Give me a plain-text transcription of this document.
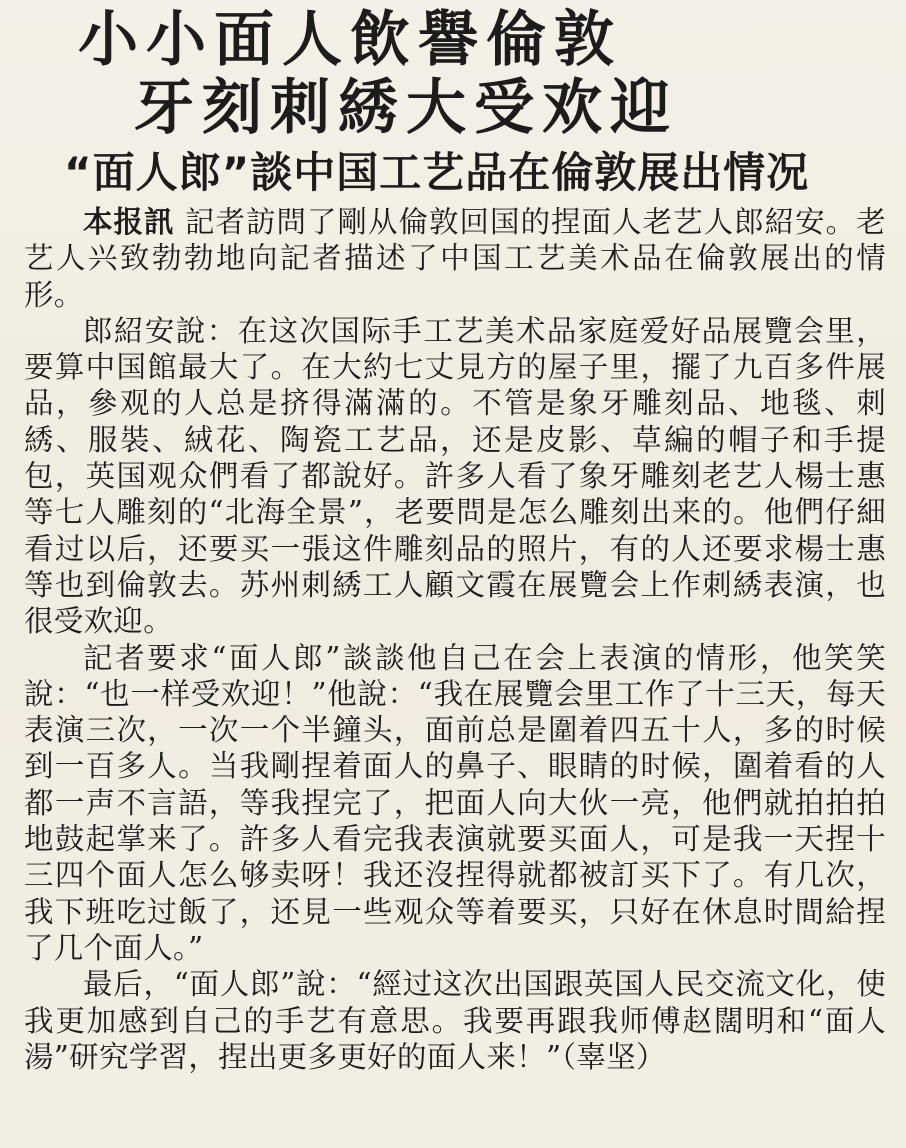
小小面人飲譽倫敦
牙刻刺綉大受欢迎
“面人郎”談中国工艺品在倫敦展出情况

本报訊 記者訪問了剛从倫敦回国的捏面人老艺人郎紹安。老艺人兴致勃勃地向記者描述了中国工艺美术品在倫敦展出的情形。

郎紹安說：在这次国际手工艺美术品家庭爱好品展覽会里，要算中国館最大了。在大約七丈見方的屋子里，擺了九百多件展品，參观的人总是挤得滿滿的。不管是象牙雕刻品、地毯、刺綉、服裝、絨花、陶瓷工艺品，还是皮影、草編的帽子和手提包，英国观众們看了都說好。許多人看了象牙雕刻老艺人楊士惠等七人雕刻的“北海全景”，老要問是怎么雕刻出来的。他們仔細看过以后，还要买一張这件雕刻品的照片，有的人还要求楊士惠等也到倫敦去。苏州刺綉工人顧文霞在展覽会上作刺綉表演，也很受欢迎。

記者要求“面人郎”談談他自己在会上表演的情形，他笑笑說：“也一样受欢迎！”他說：“我在展覽会里工作了十三天，每天表演三次，一次一个半鐘头，面前总是圍着四五十人，多的时候到一百多人。当我剛捏着面人的鼻子、眼睛的时候，圍着看的人都一声不言語，等我捏完了，把面人向大伙一亮，他們就拍拍拍地鼓起掌来了。許多人看完我表演就要买面人，可是我一天捏十三四个面人怎么够卖呀！我还沒捏得就都被訂买下了。有几次，我下班吃过飯了，还見一些观众等着要买，只好在休息时間給捏了几个面人。”

最后，“面人郎”說：“經过这次出国跟英国人民交流文化，使我更加感到自己的手艺有意思。我要再跟我师傅赵闊明和“面人湯”研究学習，捏出更多更好的面人来！”（辜坚）
